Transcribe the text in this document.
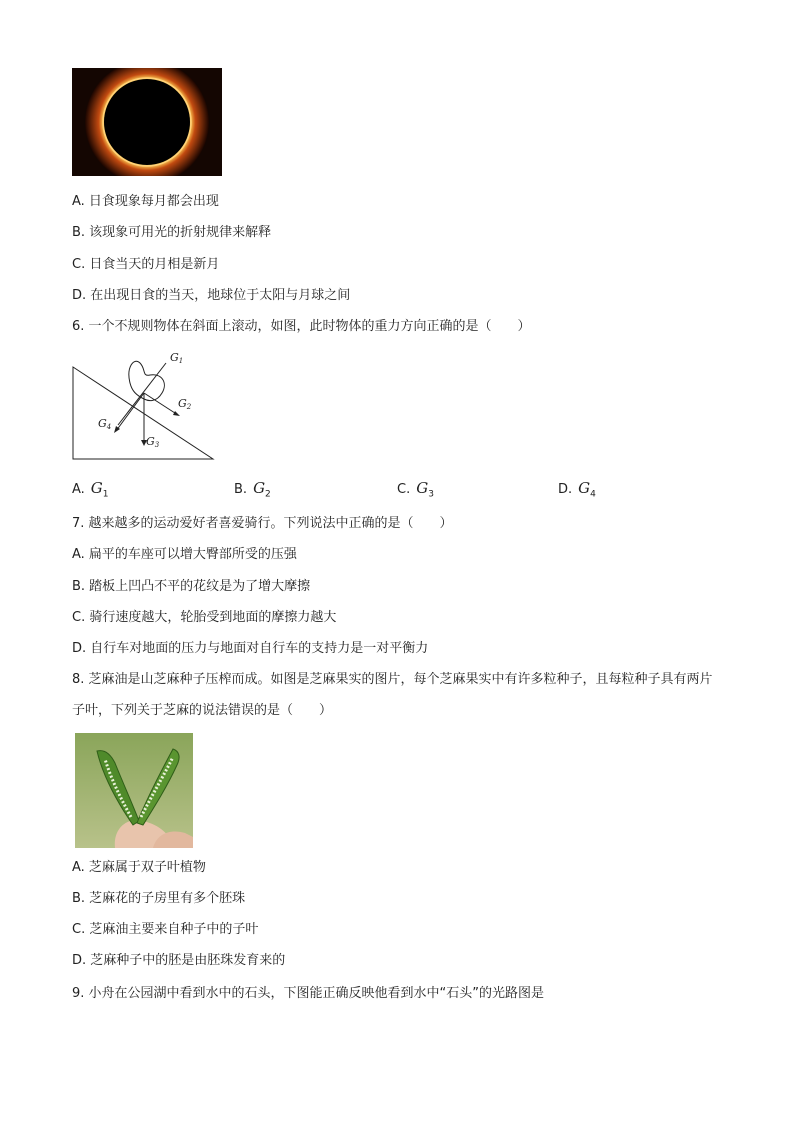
A. 日食现象每月都会出现
B. 该现象可用光的折射规律来解释
C. 日食当天的月相是新月
D. 在出现日食的当天，地球位于太阳与月球之间
6. 一个不规则物体在斜面上滚动，如图，此时物体的重力方向正确的是（　　）
G1
G2
G3
G4
A. $G_1$	B. $G_2$	C. $G_3$	D. $G_4$
7. 越来越多的运动爱好者喜爱骑行。下列说法中正确的是（　　）
A. 扁平的车座可以增大臀部所受的压强
B. 踏板上凹凸不平的花纹是为了增大摩擦
C. 骑行速度越大，轮胎受到地面的摩擦力越大
D. 自行车对地面的压力与地面对自行车的支持力是一对平衡力
8. 芝麻油是山芝麻种子压榨而成。如图是芝麻果实的图片，每个芝麻果实中有许多粒种子，且每粒种子具有两片子叶，下列关于芝麻的说法错误的是（　　）
A. 芝麻属于双子叶植物
B. 芝麻花的子房里有多个胚珠
C. 芝麻油主要来自种子中的子叶
D. 芝麻种子中的胚是由胚珠发育来的
9. 小舟在公园湖中看到水中的石头，下图能正确反映他看到水中“石头”的光路图是
